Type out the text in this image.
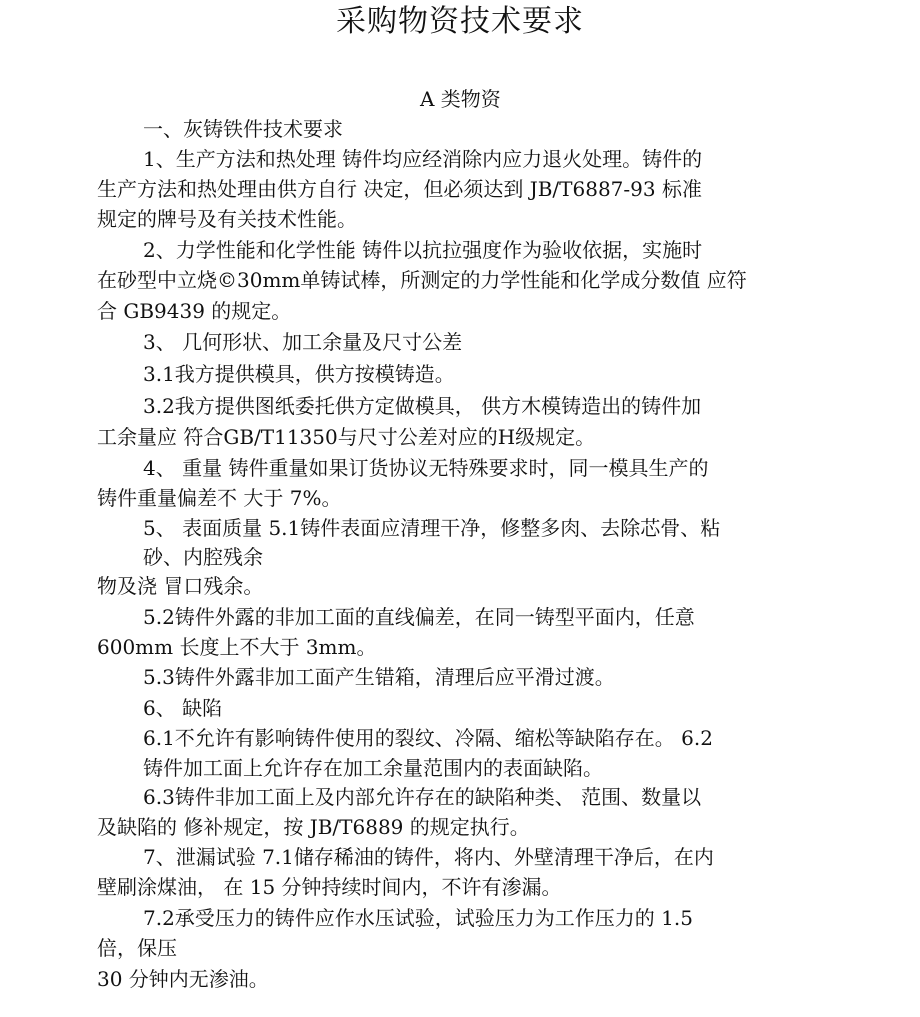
采购物资技术要求
A 类物资
一、灰铸铁件技术要求
1、生产方法和热处理 铸件均应经消除内应力退火处理。铸件的
生产方法和热处理由供方自行 决定，但必须达到 JB/T6887-93 标准
规定的牌号及有关技术性能。
2、力学性能和化学性能 铸件以抗拉强度作为验收依据，实施时
在砂型中立烧©30mm单铸试棒，所测定的力学性能和化学成分数值 应符
合 GB9439 的规定。
3、 几何形状、加工余量及尺寸公差
3.1我方提供模具，供方按模铸造。
3.2我方提供图纸委托供方定做模具， 供方木模铸造出的铸件加
工余量应 符合GB/T11350与尺寸公差对应的H级规定。
4、 重量 铸件重量如果订货协议无特殊要求时，同一模具生产的
铸件重量偏差不 大于 7%。
5、 表面质量 5.1铸件表面应清理干净，修整多肉、去除芯骨、粘
砂、内腔残余
物及浇 冒口残余。
5.2铸件外露的非加工面的直线偏差，在同一铸型平面内，任意
600mm 长度上不大于 3mm。
5.3铸件外露非加工面产生错箱，清理后应平滑过渡。
6、 缺陷
6.1不允许有影响铸件使用的裂纹、冷隔、缩松等缺陷存在。 6.2
铸件加工面上允许存在加工余量范围内的表面缺陷。
6.3铸件非加工面上及内部允许存在的缺陷种类、 范围、数量以
及缺陷的 修补规定，按 JB/T6889 的规定执行。
7、泄漏试验 7.1储存稀油的铸件，将内、外壁清理干净后，在内
壁刷涂煤油， 在 15 分钟持续时间内，不许有渗漏。
7.2承受压力的铸件应作水压试验，试验压力为工作压力的 1.5
倍，保压
30 分钟内无渗油。
